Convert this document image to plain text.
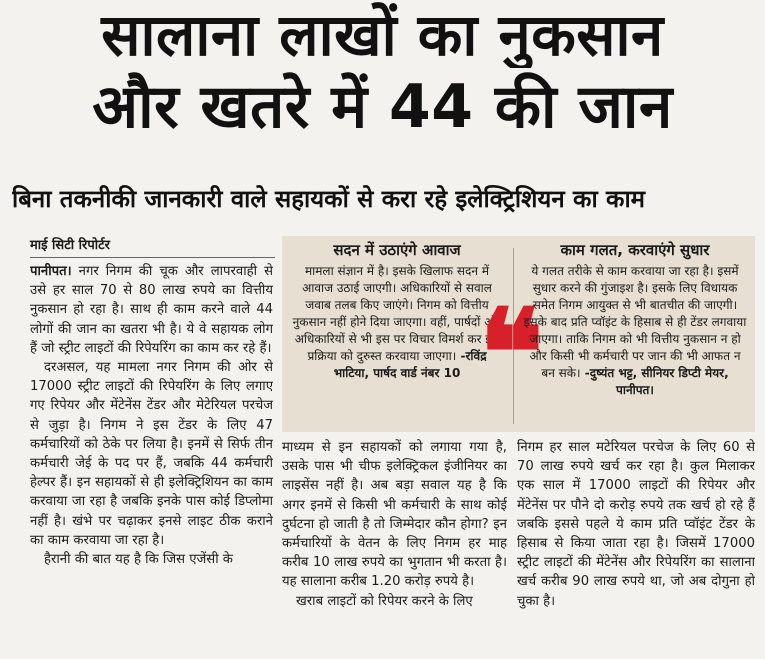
सालाना लाखों का नुकसान
और खतरे में 44 की जान
बिना तकनीकी जानकारी वाले सहायकों से करा रहे इलेक्ट्रिशियन का काम
माई सिटी रिपोर्टर

पानीपत। नगर निगम की चूक और लापरवाही से उसे हर साल 70 से 80 लाख रुपये का वित्तीय नुकसान हो रहा है। साथ ही काम करने वाले 44 लोगों की जान का खतरा भी है। ये वे सहायक लोग हैं जो स्ट्रीट लाइटों की रिपेयरिंग का काम कर रहे हैं।

दरअसल, यह मामला नगर निगम की ओर से 17000 स्ट्रीट लाइटों की रिपेयरिंग के लिए लगाए गए रिपेयर और मेंटेनेंस टेंडर और मेटेरियल परचेज से जुड़ा है। निगम ने इस टेंडर के लिए 47 कर्मचारियों को ठेके पर लिया है। इनमें से सिर्फ तीन कर्मचारी जेई के पद पर हैं, जबकि 44 कर्मचारी हेल्पर हैं। इन सहायकों से ही इलेक्ट्रिशियन का काम करवाया जा रहा है जबकि इनके पास कोई डिप्लोमा नहीं है। खंभे पर चढ़ाकर इनसे लाइट ठीक कराने का काम करवाया जा रहा है।

हैरानी की बात यह है कि जिस एजेंसी के

सदन में उठाएंगे आवाज
मामला संज्ञान में है। इसके खिलाफ सदन में आवाज उठाई जाएगी। अधिकारियों से सवाल जवाब तलब किए जाएंगे। निगम को वित्तीय नुकसान नहीं होने दिया जाएगा। वहीं, पार्षदों और अधिकारियों से भी इस पर विचार विमर्श कर इस प्रक्रिया को दुरुस्त करवाया जाएगा। -रविंद्र भाटिया, पार्षद वार्ड नंबर 10 ❝
काम गलत, करवाएंगे सुधार
ये गलत तरीके से काम करवाया जा रहा है। इसमें सुधार करने की गुंजाइश है। इसके लिए विधायक समेत निगम आयुक्त से भी बातचीत की जाएगी। इसके बाद प्रति प्वॉइंट के हिसाब से ही टेंडर लगवाया जाएगा। ताकि निगम को भी वित्तीय नुकसान न हो और किसी भी कर्मचारी पर जान की भी आफत न बन सके। -दुष्यंत भट्ट, सीनियर डिप्टी मेयर, पानीपत।

माध्यम से इन सहायकों को लगाया गया है, उसके पास भी चीफ इलेक्ट्रिकल इंजीनियर का लाइसेंस नहीं है। अब बड़ा सवाल यह है कि अगर इनमें से किसी भी कर्मचारी के साथ कोई दुर्घटना हो जाती है तो जिम्मेदार कौन होगा? इन कर्मचारियों के वेतन के लिए निगम हर माह करीब 10 लाख रुपये का भुगतान भी करता है। यह सालाना करीब 1.20 करोड़ रुपये है।

खराब लाइटों को रिपेयर करने के लिए

निगम हर साल मटेरियल परचेज के लिए 60 से 70 लाख रुपये खर्च कर रहा है। कुल मिलाकर एक साल में 17000 लाइटों की रिपेयर और मेंटेनेंस पर पौने दो करोड़ रुपये तक खर्च हो रहे हैं जबकि इससे पहले ये काम प्रति प्वॉइंट टेंडर के हिसाब से किया जाता रहा है। जिसमें 17000 स्ट्रीट लाइटों की मेंटेनेंस और रिपेयरिंग का सालाना खर्च करीब 90 लाख रुपये था, जो अब दोगुना हो चुका है।
